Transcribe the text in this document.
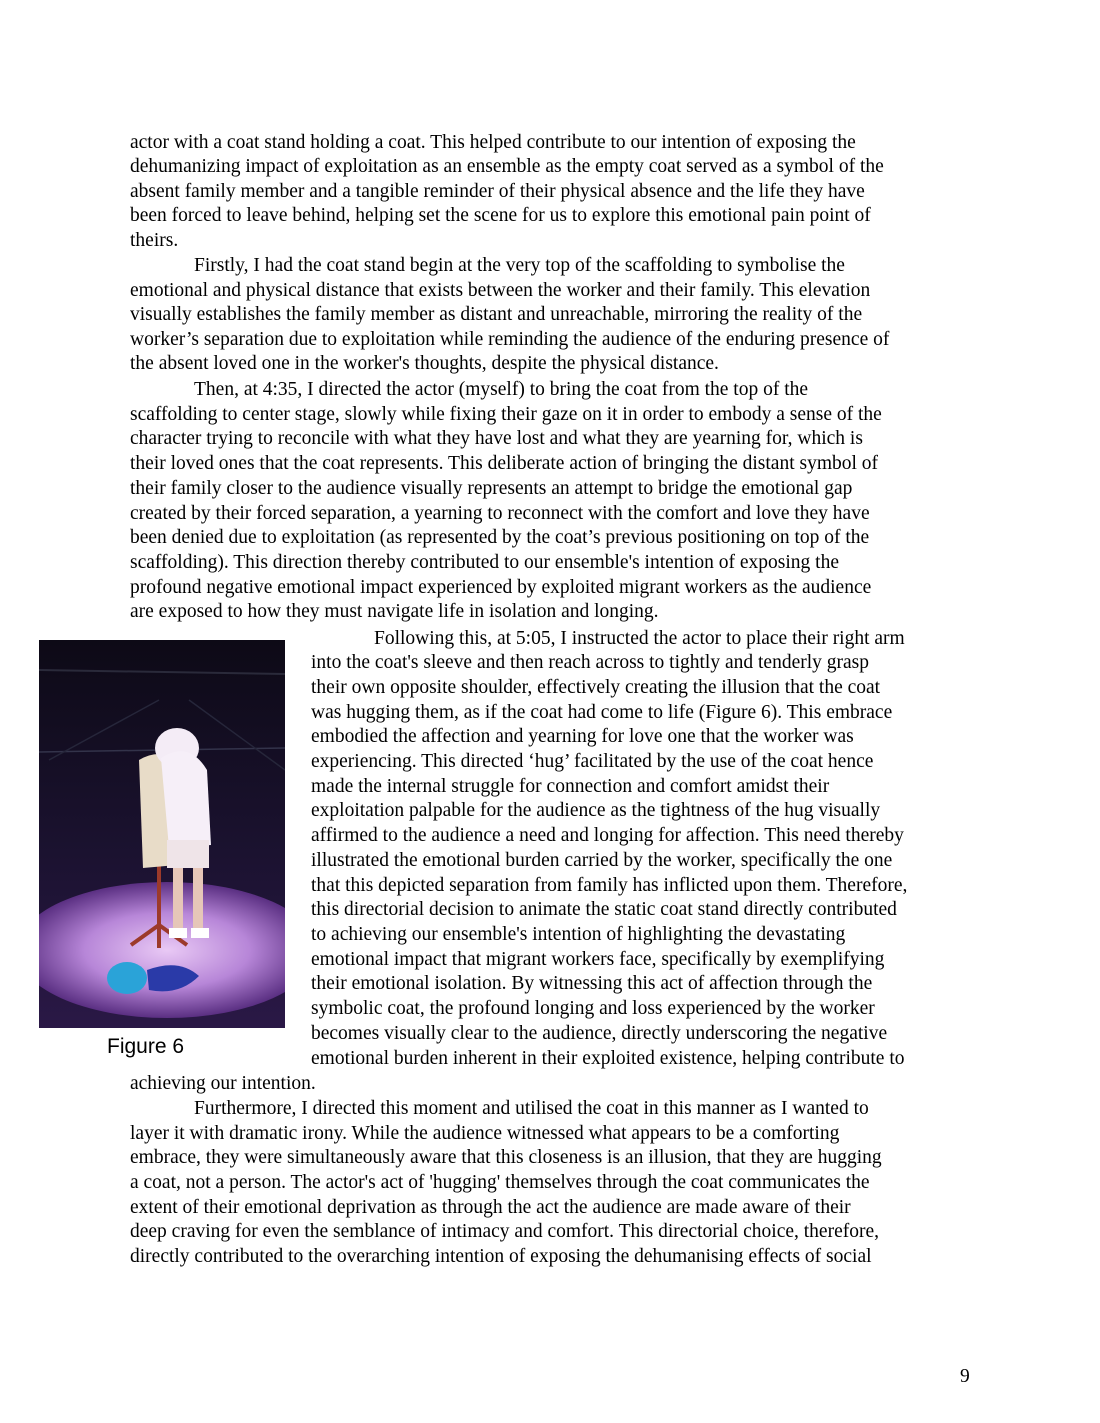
actor with a coat stand holding a coat. This helped contribute to our intention of exposing the
dehumanizing impact of exploitation as an ensemble as the empty coat served as a symbol of the
absent family member and a tangible reminder of their physical absence and the life they have
been forced to leave behind, helping set the scene for us to explore this emotional pain point of
theirs.
Firstly, I had the coat stand begin at the very top of the scaffolding to symbolise the
emotional and physical distance that exists between the worker and their family. This elevation
visually establishes the family member as distant and unreachable, mirroring the reality of the
worker’s separation due to exploitation while reminding the audience of the enduring presence of
the absent loved one in the worker's thoughts, despite the physical distance.
Then, at 4:35, I directed the actor (myself) to bring the coat from the top of the
scaffolding to center stage, slowly while fixing their gaze on it in order to embody a sense of the
character trying to reconcile with what they have lost and what they are yearning for, which is
their loved ones that the coat represents. This deliberate action of bringing the distant symbol of
their family closer to the audience visually represents an attempt to bridge the emotional gap
created by their forced separation, a yearning to reconnect with the comfort and love they have
been denied due to exploitation (as represented by the coat’s previous positioning on top of the
scaffolding). This direction thereby contributed to our ensemble's intention of exposing the
profound negative emotional impact experienced by exploited migrant workers as the audience
are exposed to how they must navigate life in isolation and longing.
Following this, at 5:05, I instructed the actor to place their right arm
into the coat's sleeve and then reach across to tightly and tenderly grasp
their own opposite shoulder, effectively creating the illusion that the coat
was hugging them, as if the coat had come to life (Figure 6). This embrace
embodied the affection and yearning for love one that the worker was
experiencing. This directed ‘hug’ facilitated by the use of the coat hence
made the internal struggle for connection and comfort amidst their
exploitation palpable for the audience as the tightness of the hug visually
affirmed to the audience a need and longing for affection. This need thereby
illustrated the emotional burden carried by the worker, specifically the one
that this depicted separation from family has inflicted upon them. Therefore,
this directorial decision to animate the static coat stand directly contributed
to achieving our ensemble's intention of highlighting the devastating
emotional impact that migrant workers face, specifically by exemplifying
their emotional isolation. By witnessing this act of affection through the
symbolic coat, the profound longing and loss experienced by the worker
becomes visually clear to the audience, directly underscoring the negative
emotional burden inherent in their exploited existence, helping contribute to
achieving our intention.
Figure 6
Furthermore, I directed this moment and utilised the coat in this manner as I wanted to
layer it with dramatic irony. While the audience witnessed what appears to be a comforting
embrace, they were simultaneously aware that this closeness is an illusion, that they are hugging
a coat, not a person. The actor's act of 'hugging' themselves through the coat communicates the
extent of their emotional deprivation as through the act the audience are made aware of their
deep craving for even the semblance of intimacy and comfort. This directorial choice, therefore,
directly contributed to the overarching intention of exposing the dehumanising effects of social
9
